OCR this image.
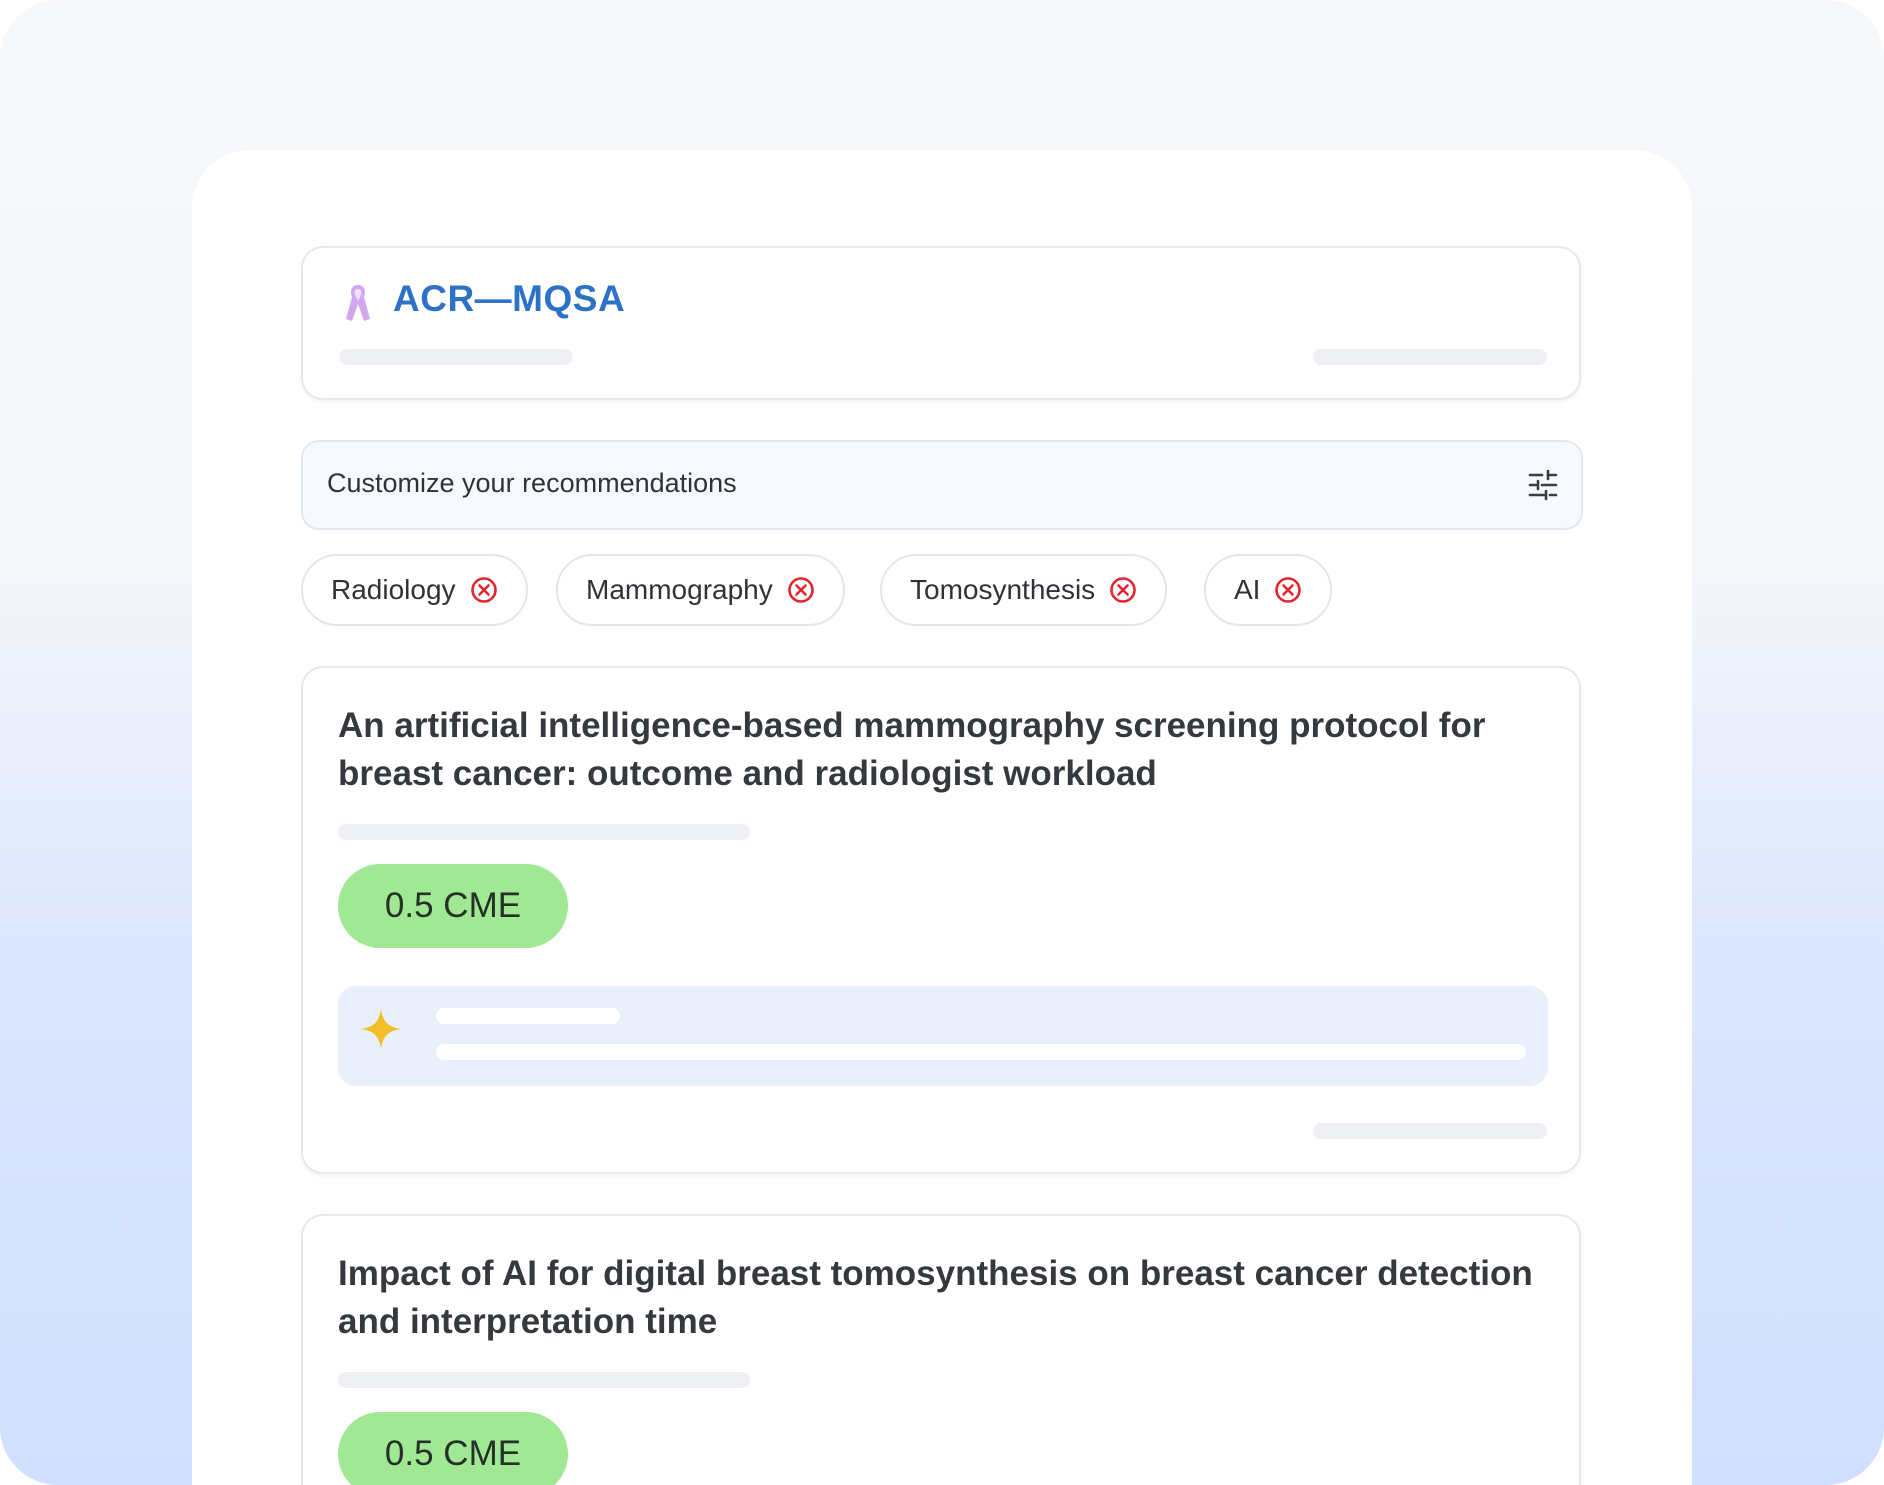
ACR—MQSA
Customize your recommendations
Radiology	Mammography	Tomosynthesis	AI
An artificial intelligence-based mammography screening protocol for breast cancer: outcome and radiologist workload
0.5 CME
Impact of AI for digital breast tomosynthesis on breast cancer detection and interpretation time
0.5 CME
